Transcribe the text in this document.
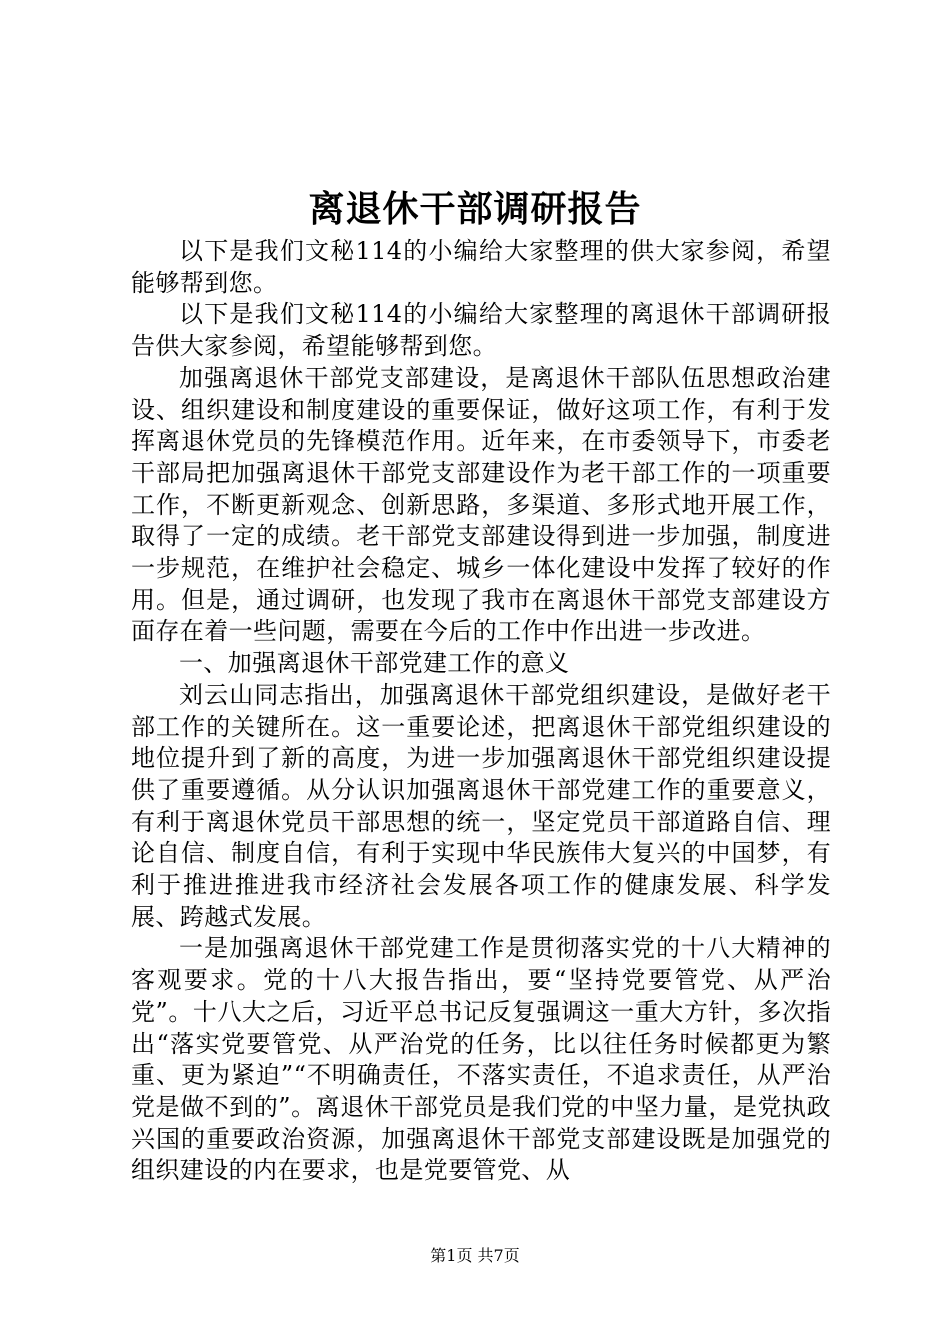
离退休干部调研报告

以下是我们文秘114的小编给大家整理的供大家参阅，希望能够帮到您。

以下是我们文秘114的小编给大家整理的离退休干部调研报告供大家参阅，希望能够帮到您。

加强离退休干部党支部建设，是离退休干部队伍思想政治建设、组织建设和制度建设的重要保证，做好这项工作，有利于发挥离退休党员的先锋模范作用。近年来，在市委领导下，市委老干部局把加强离退休干部党支部建设作为老干部工作的一项重要工作，不断更新观念、创新思路，多渠道、多形式地开展工作，取得了一定的成绩。老干部党支部建设得到进一步加强，制度进一步规范，在维护社会稳定、城乡一体化建设中发挥了较好的作用。但是，通过调研，也发现了我市在离退休干部党支部建设方面存在着一些问题，需要在今后的工作中作出进一步改进。

一、加强离退休干部党建工作的意义

刘云山同志指出，加强离退休干部党组织建设，是做好老干部工作的关键所在。这一重要论述，把离退休干部党组织建设的地位提升到了新的高度，为进一步加强离退休干部党组织建设提供了重要遵循。从分认识加强离退休干部党建工作的重要意义，有利于离退休党员干部思想的统一，坚定党员干部道路自信、理论自信、制度自信，有利于实现中华民族伟大复兴的中国梦，有利于推进推进我市经济社会发展各项工作的健康发展、科学发展、跨越式发展。

一是加强离退休干部党建工作是贯彻落实党的十八大精神的客观要求。党的十八大报告指出，要“坚持党要管党、从严治党”。十八大之后，习近平总书记反复强调这一重大方针，多次指出“落实党要管党、从严治党的任务，比以往任务时候都更为繁重、更为紧迫”“不明确责任，不落实责任，不追求责任，从严治党是做不到的”。离退休干部党员是我们党的中坚力量，是党执政兴国的重要政治资源，加强离退休干部党支部建设既是加强党的组织建设的内在要求，也是党要管党、从

第1页 共7页
